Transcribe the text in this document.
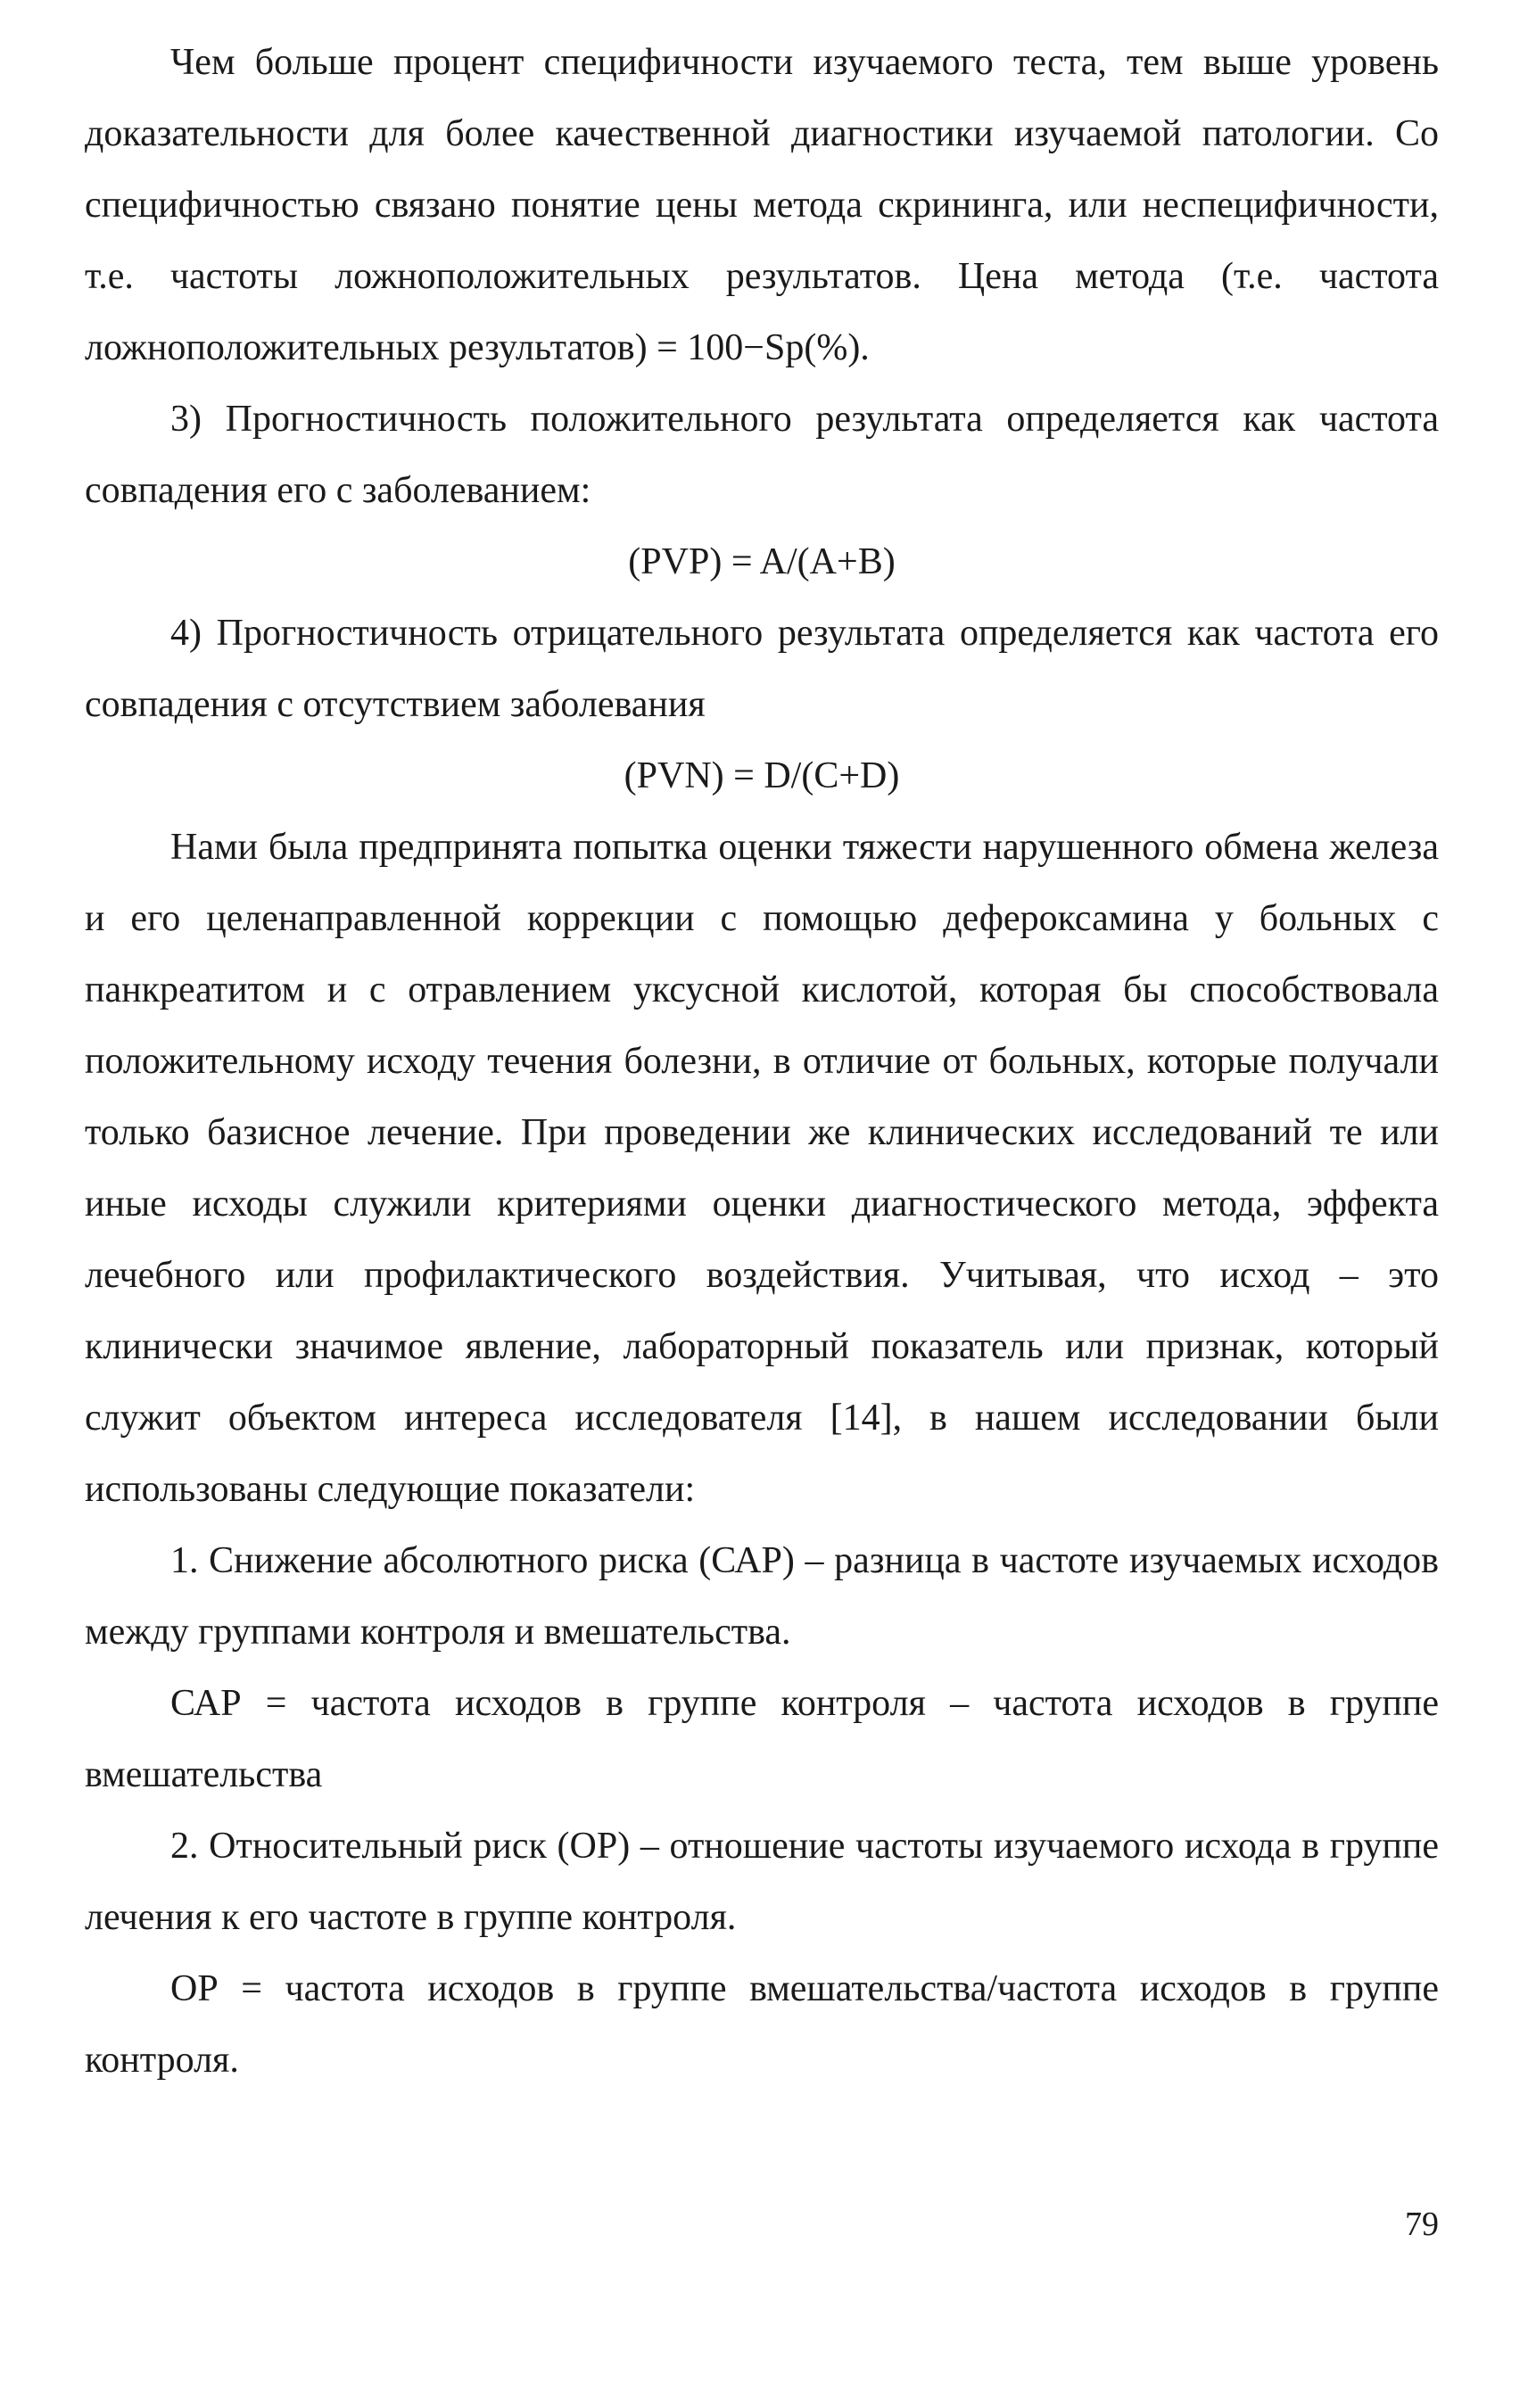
Чем больше процент специфичности изучаемого теста, тем выше уровень доказательности для более качественной диагностики изучаемой патологии. Со специфичностью связано понятие цены метода скрининга, или неспецифичности, т.е. частоты ложноположительных результатов. Цена метода (т.е. частота ложноположительных результатов) = 100−Sp(%).

3) Прогностичность положительного результата определяется как частота совпадения его с заболеванием:

(PVP) = A/(A+B)

4) Прогностичность отрицательного результата определяется как частота его совпадения с отсутствием заболевания

(PVN) = D/(C+D)

Нами была предпринята попытка оценки тяжести нарушенного обмена железа и его целенаправленной коррекции с помощью дефероксамина у больных с панкреатитом и с отравлением уксусной кислотой, которая бы способствовала положительному исходу течения болезни, в отличие от больных, которые получали только базисное лечение. При проведении же клинических исследований те или иные исходы служили критериями оценки диагностического метода, эффекта лечебного или профилактического воздействия. Учитывая, что исход – это клинически значимое явление, лабораторный показатель или признак, который служит объектом интереса исследователя [14], в нашем исследовании были использованы следующие показатели:

1. Снижение абсолютного риска (САР) – разница в частоте изучаемых исходов между группами контроля и вмешательства.

САР = частота исходов в группе контроля – частота исходов в группе вмешательства

2. Относительный риск (ОР) – отношение частоты изучаемого исхода в группе лечения к его частоте в группе контроля.

ОР = частота исходов в группе вмешательства/частота исходов в группе контроля.

79
